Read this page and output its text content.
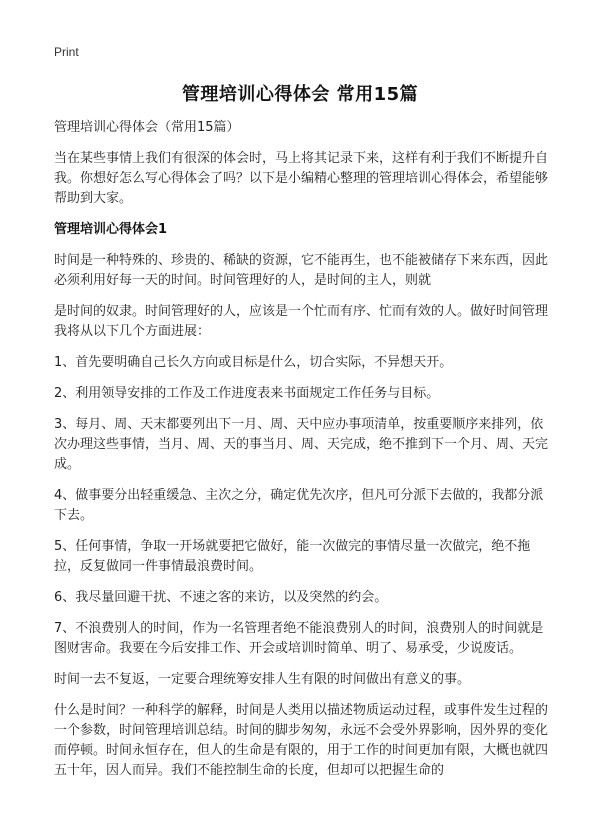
Print
管理培训心得体会 常用15篇

管理培训心得体会（常用15篇）

当在某些事情上我们有很深的体会时，马上将其记录下来，这样有利于我们不断提升自我。你想好怎么写心得体会了吗？以下是小编精心整理的管理培训心得体会，希望能够帮助到大家。

管理培训心得体会1

时间是一种特殊的、珍贵的、稀缺的资源，它不能再生，也不能被储存下来东西，因此必须利用好每一天的时间。时间管理好的人，是时间的主人，则就

是时间的奴隶。时间管理好的人，应该是一个忙而有序、忙而有效的人。做好时间管理我将从以下几个方面进展：

1、首先要明确自己长久方向或目标是什么，切合实际，不异想天开。

2、利用领导安排的工作及工作进度表来书面规定工作任务与目标。

3、每月、周、天末都要列出下一月、周、天中应办事项清单，按重要顺序来排列，依次办理这些事情，当月、周、天的事当月、周、天完成，绝不推到下一个月、周、天完成。

4、做事要分出轻重缓急、主次之分，确定优先次序，但凡可分派下去做的，我都分派下去。

5、任何事情，争取一开场就要把它做好，能一次做完的事情尽量一次做完，绝不拖拉，反复做同一件事情最浪费时间。

6、我尽量回避干扰、不速之客的来访，以及突然的约会。

7、不浪费别人的时间，作为一名管理者绝不能浪费别人的时间，浪费别人的时间就是图财害命。我要在今后安排工作、开会或培训时简单、明了、易承受，少说废话。

时间一去不复返，一定要合理统筹安排人生有限的时间做出有意义的事。

什么是时间？一种科学的解释，时间是人类用以描述物质运动过程，或事件发生过程的一个参数，时间管理培训总结。时间的脚步匆匆，永远不会受外界影响，因外界的变化而停顿。时间永恒存在，但人的生命是有限的，用于工作的时间更加有限，大概也就四五十年，因人而异。我们不能控制生命的长度，但却可以把握生命的
